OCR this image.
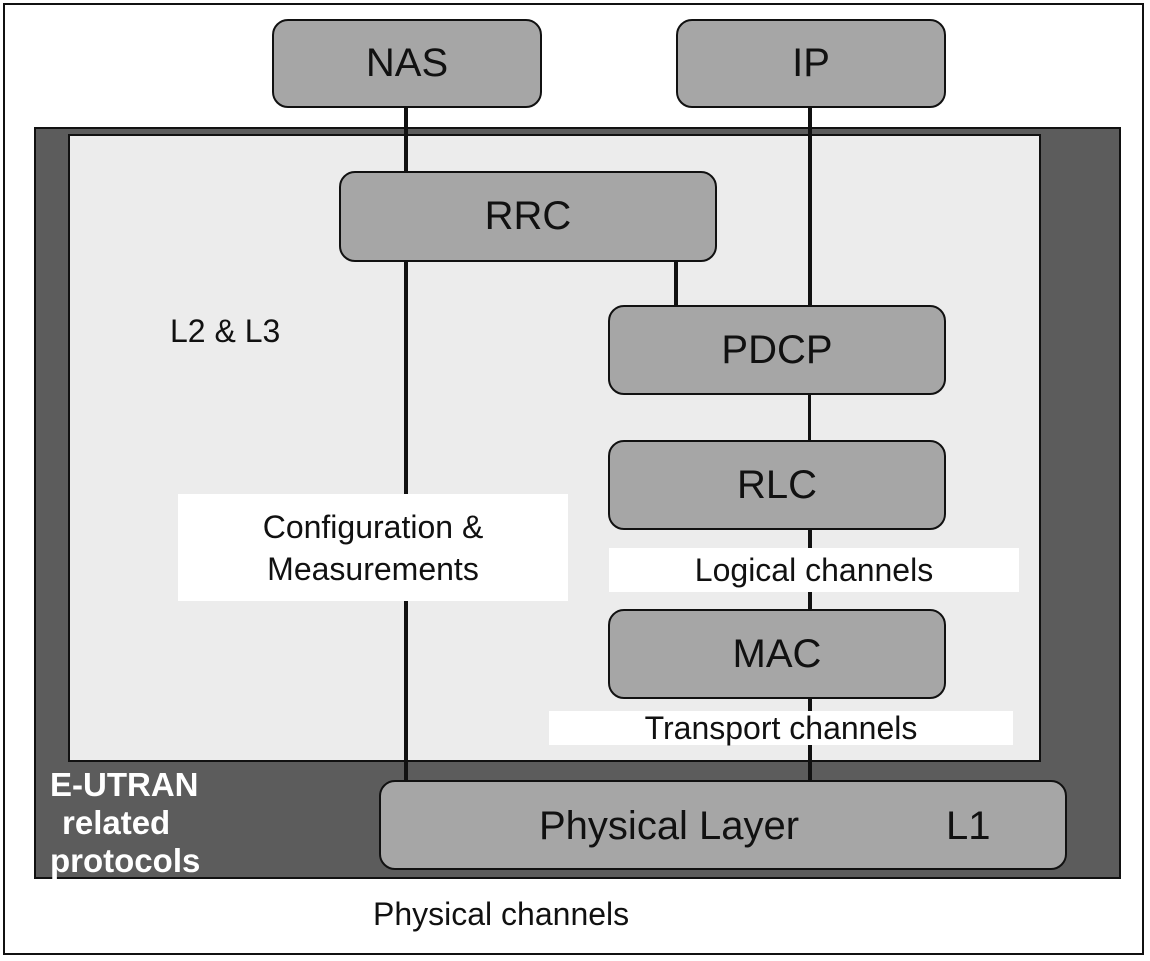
NAS	IP
RRC
PDCP
RLC
MAC
Physical Layer	L1
L2 & L3
Configuration &
Measurements	Logical channels
Transport channels
E-UTRAN
related
protocols
Physical channels
